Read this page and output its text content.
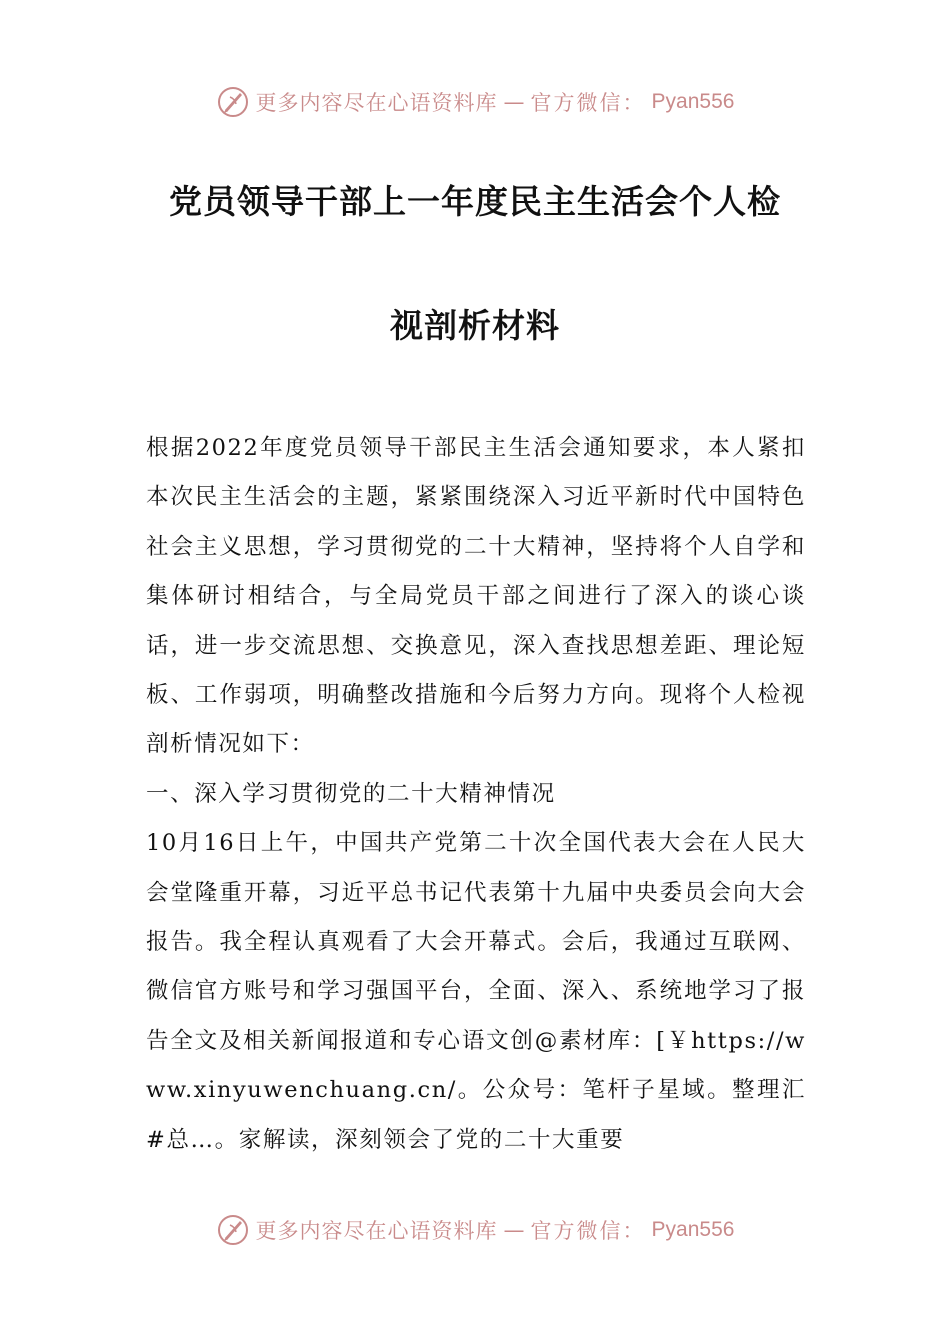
更多内容尽在心语资料库 — 官方微信： Pyan556
党员领导干部上一年度民主生活会个人检
视剖析材料

根据2022年度党员领导干部民主生活会通知要求，本人紧扣本次民主生活会的主题，紧紧围绕深入习近平新时代中国特色社会主义思想，学习贯彻党的二十大精神，坚持将个人自学和集体研讨相结合，与全局党员干部之间进行了深入的谈心谈话，进一步交流思想、交换意见，深入查找思想差距、理论短板、工作弱项，明确整改措施和今后努力方向。现将个人检视剖析情况如下：

一、深入学习贯彻党的二十大精神情况

10月16日上午，中国共产党第二十次全国代表大会在人民大会堂隆重开幕，习近平总书记代表第十九届中央委员会向大会报告。我全程认真观看了大会开幕式。会后，我通过互联网、微信官方账号和学习强国平台，全面、深入、系统地学习了报告全文及相关新闻报道和专心语文创@素材库：[￥https://www.xinyuwenchuang.cn/。公众号：笔杆子星域。整理汇#总…。家解读，深刻领会了党的二十大重要

更多内容尽在心语资料库 — 官方微信： Pyan556
